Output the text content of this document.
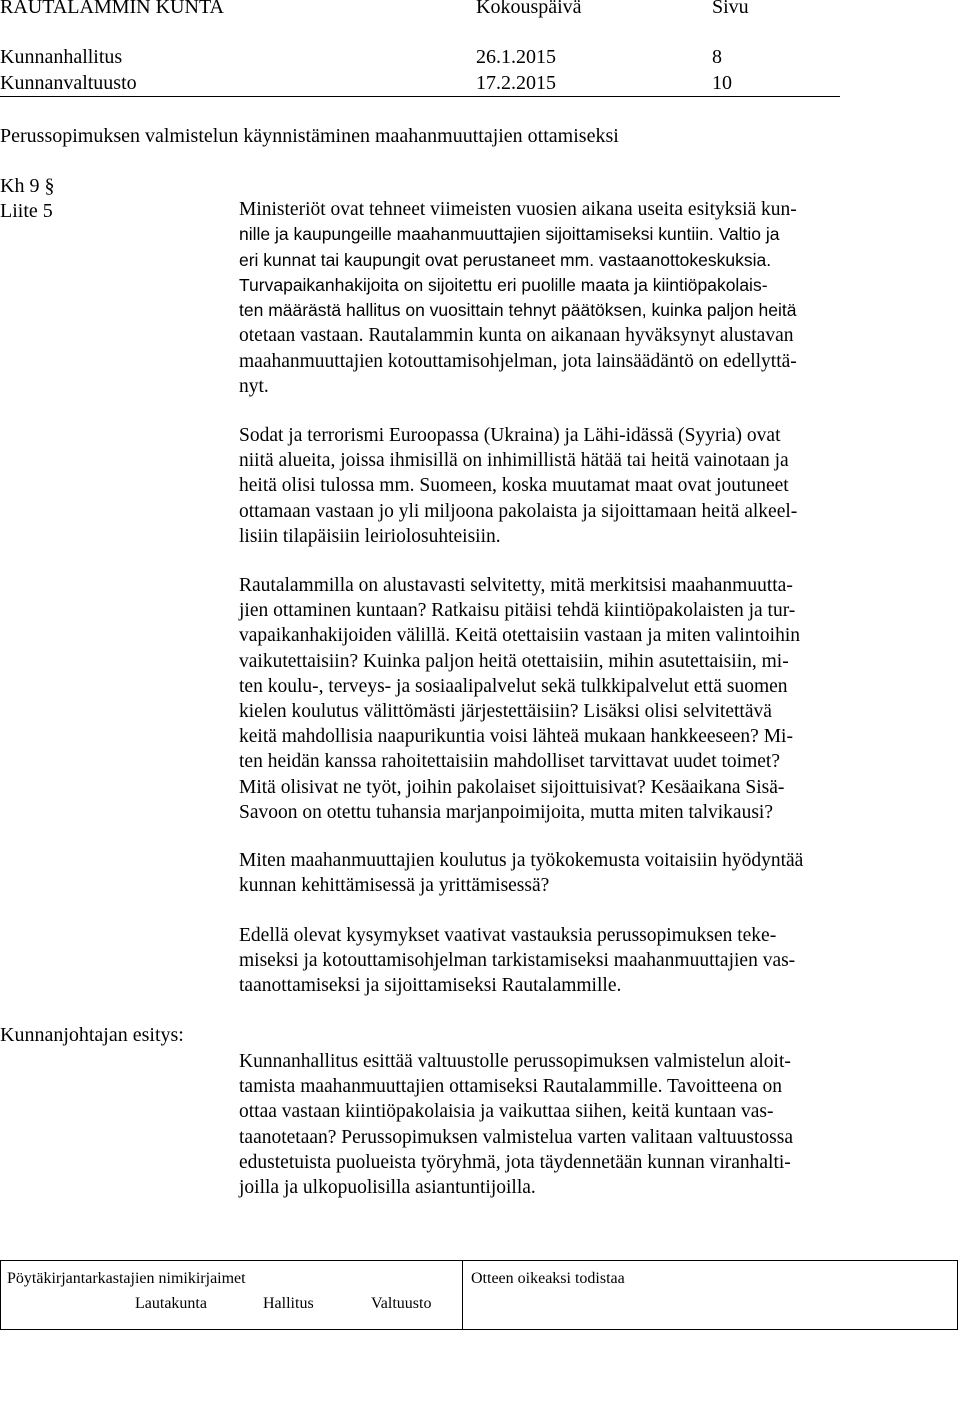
RAUTALAMMIN KUNTA	Kokouspäivä	Sivu
Kunnanhallitus	26.1.2015	8
Kunnanvaltuusto	17.2.2015	10
Perussopimuksen valmistelun käynnistäminen maahanmuuttajien ottamiseksi
Kh 9 §
Liite 5
Kunnanjohtajan esitys:
Ministeriöt ovat tehneet viimeisten vuosien aikana useita esityksiä kun-
nille ja kaupungeille maahanmuuttajien sijoittamiseksi kuntiin. Valtio ja
eri kunnat tai kaupungit ovat perustaneet mm. vastaanottokeskuksia.
Turvapaikanhakijoita on sijoitettu eri puolille maata ja kiintiöpakolais-
ten määrästä hallitus on vuosittain tehnyt päätöksen, kuinka paljon heitä
otetaan vastaan. Rautalammin kunta on aikanaan hyväksynyt alustavan
maahanmuuttajien kotouttamisohjelman, jota lainsäädäntö on edellyttä-
nyt.
Sodat ja terrorismi Euroopassa (Ukraina) ja Lähi-idässä (Syyria) ovat
niitä alueita, joissa ihmisillä on inhimillistä hätää tai heitä vainotaan ja
heitä olisi tulossa mm. Suomeen, koska muutamat maat ovat joutuneet
ottamaan vastaan jo yli miljoona pakolaista ja sijoittamaan heitä alkeel-
lisiin tilapäisiin leiriolosuhteisiin.
Rautalammilla on alustavasti selvitetty, mitä merkitsisi maahanmuutta-
jien ottaminen kuntaan? Ratkaisu pitäisi tehdä kiintiöpakolaisten ja tur-
vapaikanhakijoiden välillä. Keitä otettaisiin vastaan ja miten valintoihin
vaikutettaisiin? Kuinka paljon heitä otettaisiin, mihin asutettaisiin, mi-
ten koulu-, terveys- ja sosiaalipalvelut sekä tulkkipalvelut että suomen
kielen koulutus välittömästi järjestettäisiin? Lisäksi olisi selvitettävä
keitä mahdollisia naapurikuntia voisi lähteä mukaan hankkeeseen? Mi-
ten heidän kanssa rahoitettaisiin mahdolliset tarvittavat uudet toimet?
Mitä olisivat ne työt, joihin pakolaiset sijoittuisivat? Kesäaikana Sisä-
Savoon on otettu tuhansia marjanpoimijoita, mutta miten talvikausi?
Miten maahanmuuttajien koulutus ja työkokemusta voitaisiin hyödyntää
kunnan kehittämisessä ja yrittämisessä?
Edellä olevat kysymykset vaativat vastauksia perussopimuksen teke-
miseksi ja kotouttamisohjelman tarkistamiseksi maahanmuuttajien vas-
taanottamiseksi ja sijoittamiseksi Rautalammille.
Kunnanhallitus esittää valtuustolle perussopimuksen valmistelun aloit-
tamista maahanmuuttajien ottamiseksi Rautalammille. Tavoitteena on
ottaa vastaan kiintiöpakolaisia ja vaikuttaa siihen, keitä kuntaan vas-
taanotetaan? Perussopimuksen valmistelua varten valitaan valtuustossa
edustetuista puolueista työryhmä, jota täydennetään kunnan viranhalti-
joilla ja ulkopuolisilla asiantuntijoilla.
Pöytäkirjantarkastajien nimikirjaimet
Lautakunta	Hallitus	Valtuusto
Otteen oikeaksi todistaa
